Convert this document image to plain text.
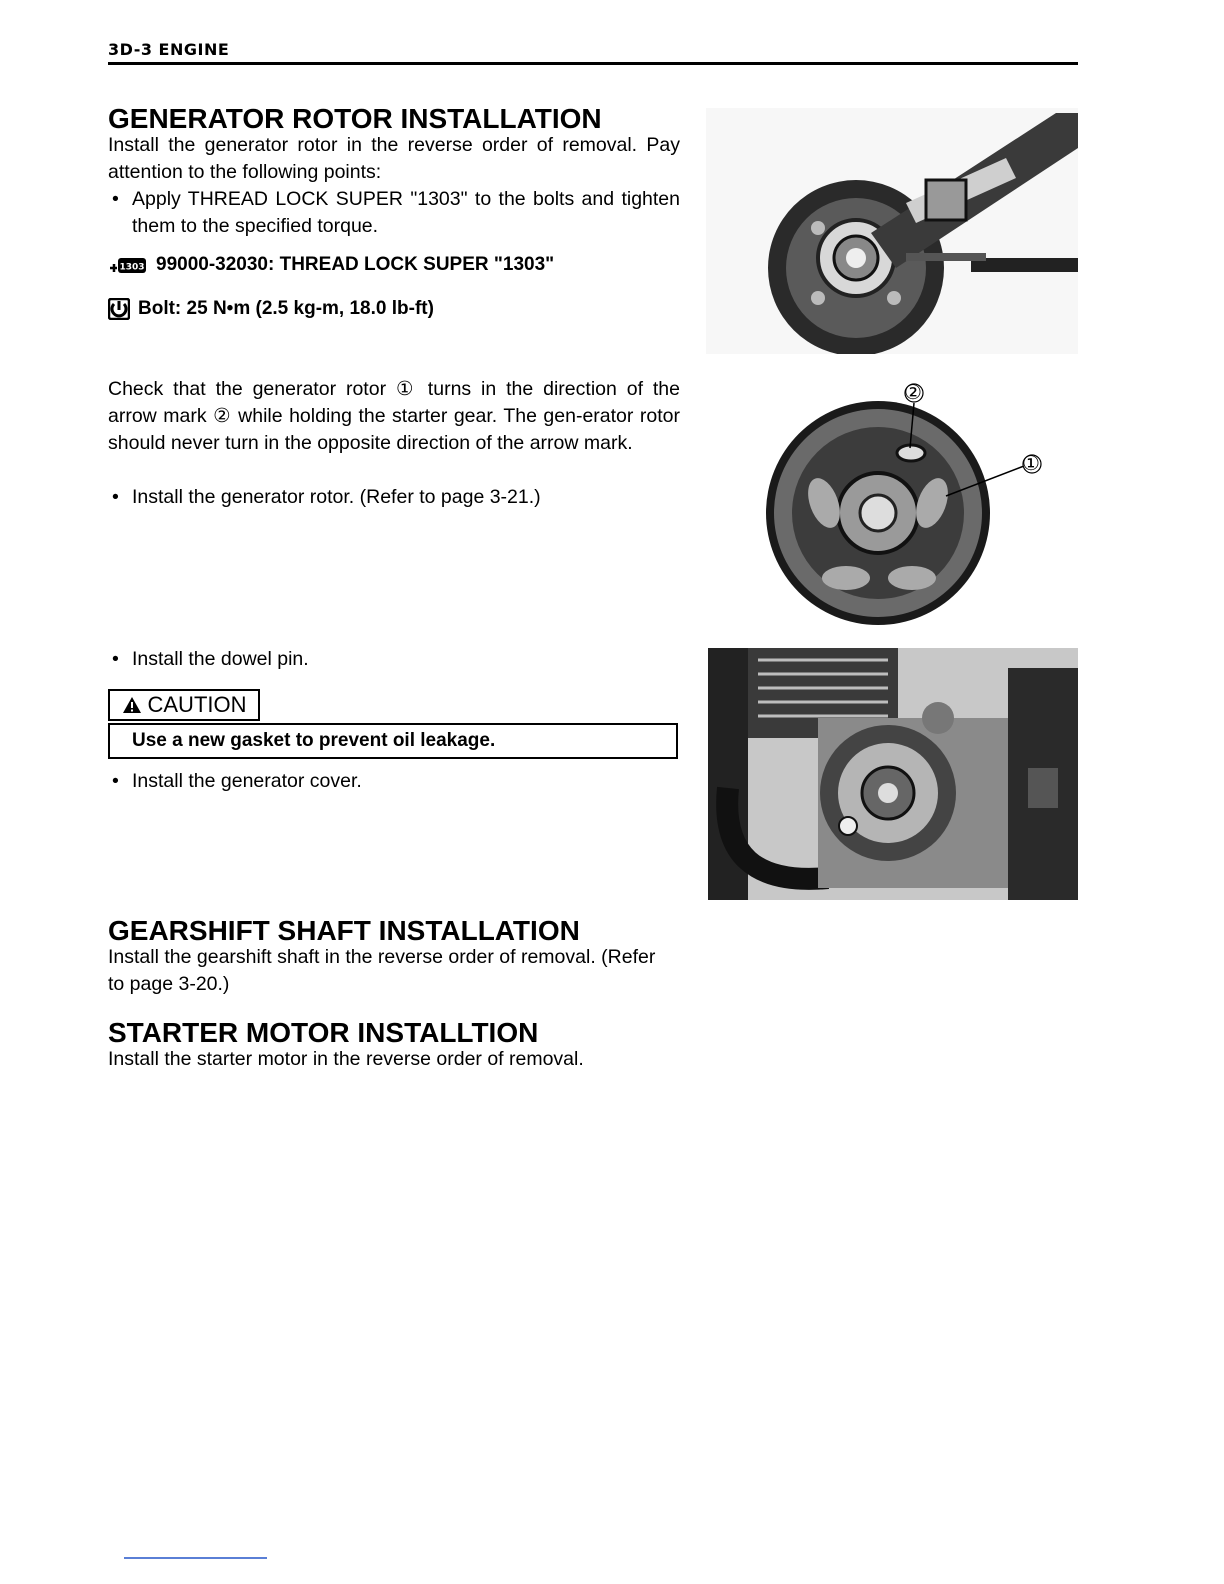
3D-3 ENGINE
GENERATOR ROTOR INSTALLATION

Install the generator rotor in the reverse order of removal. Pay attention to the following points:

• Apply THREAD LOCK SUPER "1303" to the bolts and tighten them to the specified torque.

1303 99000-32030: THREAD LOCK SUPER "1303"
Bolt: 25 N•m (2.5 kg-m, 18.0 lb-ft)

Check that the generator rotor ① turns in the direction of the arrow mark ② while holding the starter gear. The gen-erator rotor should never turn in the opposite direction of the arrow mark.

• Install the generator rotor. (Refer to page 3-21.)

• Install the dowel pin.

CAUTION
Use a new gasket to prevent oil leakage.

• Install the generator cover.

GEARSHIFT SHAFT INSTALLATION

Install the gearshift shaft in the reverse order of removal. (Refer to page 3-20.)

STARTER MOTOR INSTALLTION

Install the starter motor in the reverse order of removal.

②
①
